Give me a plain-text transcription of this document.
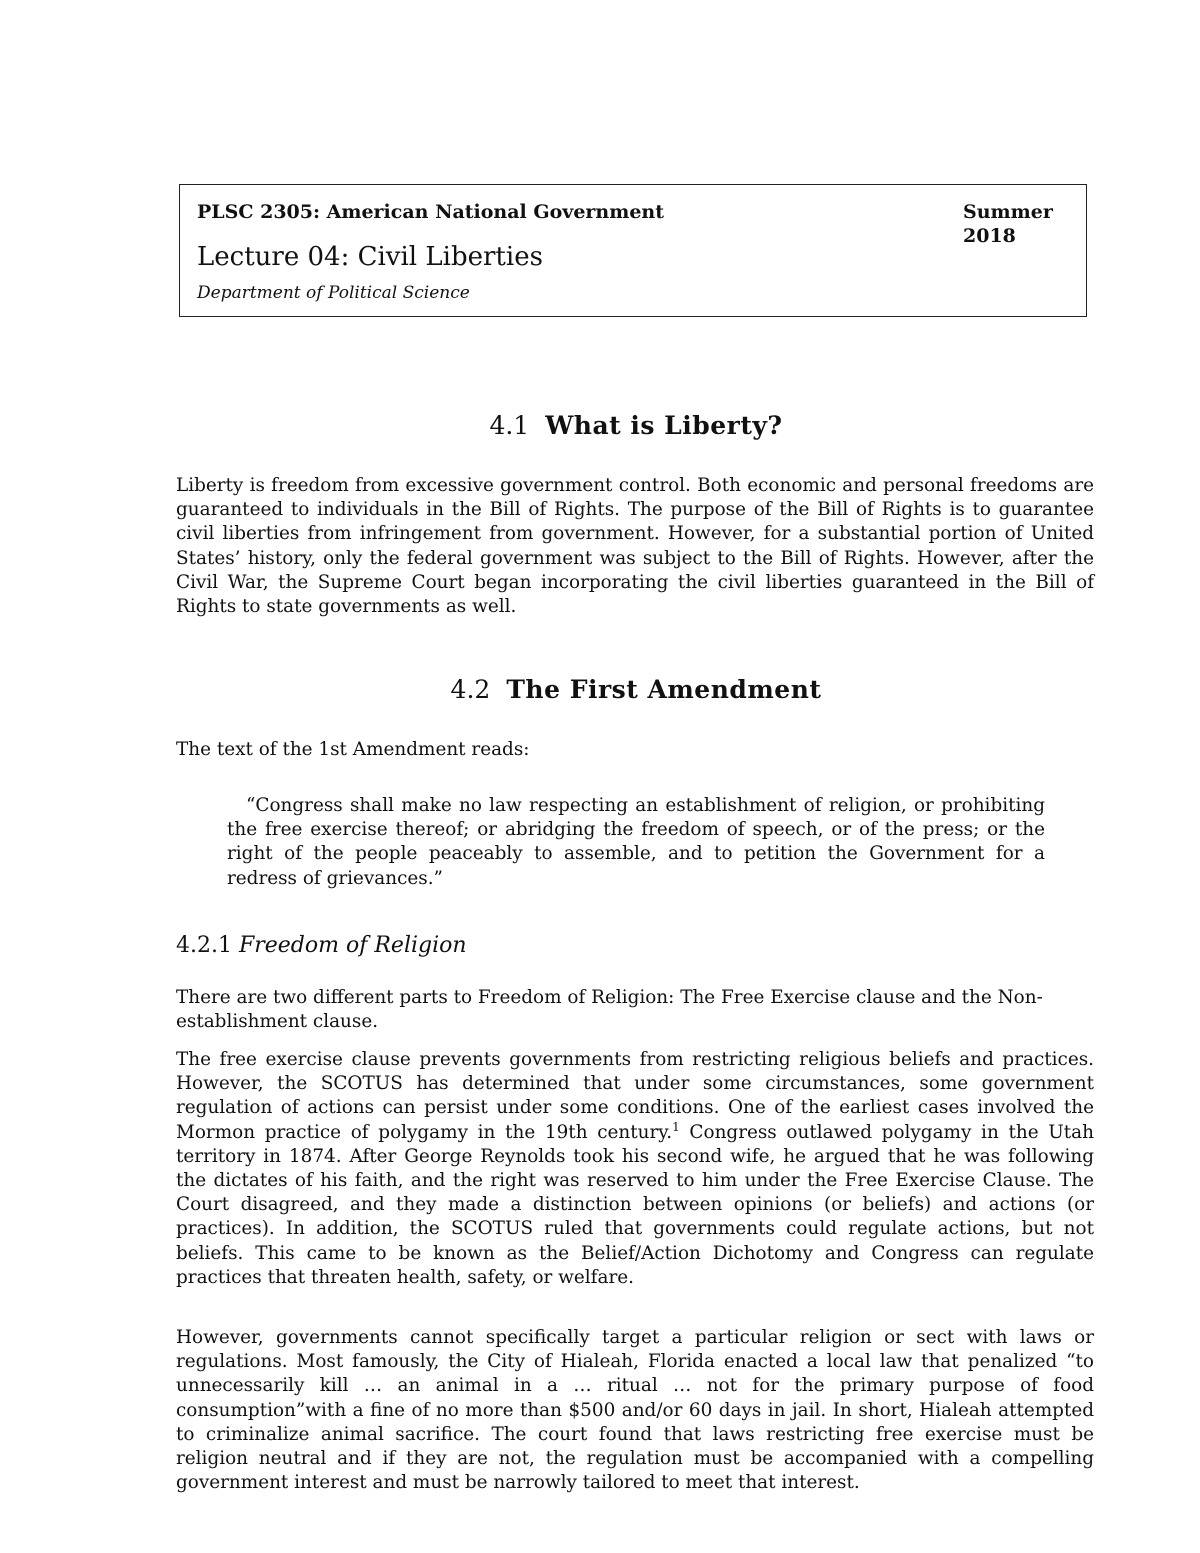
PLSC 2305: American National Government	Summer 2018
Lecture 04: Civil Liberties
Department of Political Science
4.1 What is Liberty?

Liberty is freedom from excessive government control. Both economic and personal freedoms are guaranteed to individuals in the Bill of Rights. The purpose of the Bill of Rights is to guarantee civil liberties from infringement from government. However, for a substantial portion of United States’ history, only the federal government was subject to the Bill of Rights. However, after the Civil War, the Supreme Court began incorporating the civil liberties guaranteed in the Bill of Rights to state governments as well.

4.2 The First Amendment

The text of the 1st Amendment reads:

“Congress shall make no law respecting an establishment of religion, or prohibiting the free exercise thereof; or abridging the freedom of speech, or of the press; or the right of the people peaceably to assemble, and to petition the Government for a redress of grievances.”

4.2.1 Freedom of Religion

There are two different parts to Freedom of Religion: The Free Exercise clause and the Non-establishment clause.

The free exercise clause prevents governments from restricting religious beliefs and practices. However, the SCOTUS has determined that under some circumstances, some government regulation of actions can persist under some conditions. One of the earliest cases involved the Mormon practice of polygamy in the 19th century.$^1$ Congress outlawed polygamy in the Utah territory in 1874. After George Reynolds took his second wife, he argued that he was following the dictates of his faith, and the right was reserved to him under the Free Exercise Clause. The Court disagreed, and they made a distinction between opinions (or beliefs) and actions (or practices). In addition, the SCOTUS ruled that governments could regulate actions, but not beliefs. This came to be known as the Belief/Action Dichotomy and Congress can regulate practices that threaten health, safety, or welfare.

However, governments cannot specifically target a particular religion or sect with laws or regulations. Most famously, the City of Hialeah, Florida enacted a local law that penalized “to unnecessarily kill … an animal in a … ritual … not for the primary purpose of food consumption”with a fine of no more than $500 and/or 60 days in jail. In short, Hialeah attempted to criminalize animal sacrifice. The court found that laws restricting free exercise must be religion neutral and if they are not, the regulation must be accompanied with a compelling government interest and must be narrowly tailored to meet that interest.
